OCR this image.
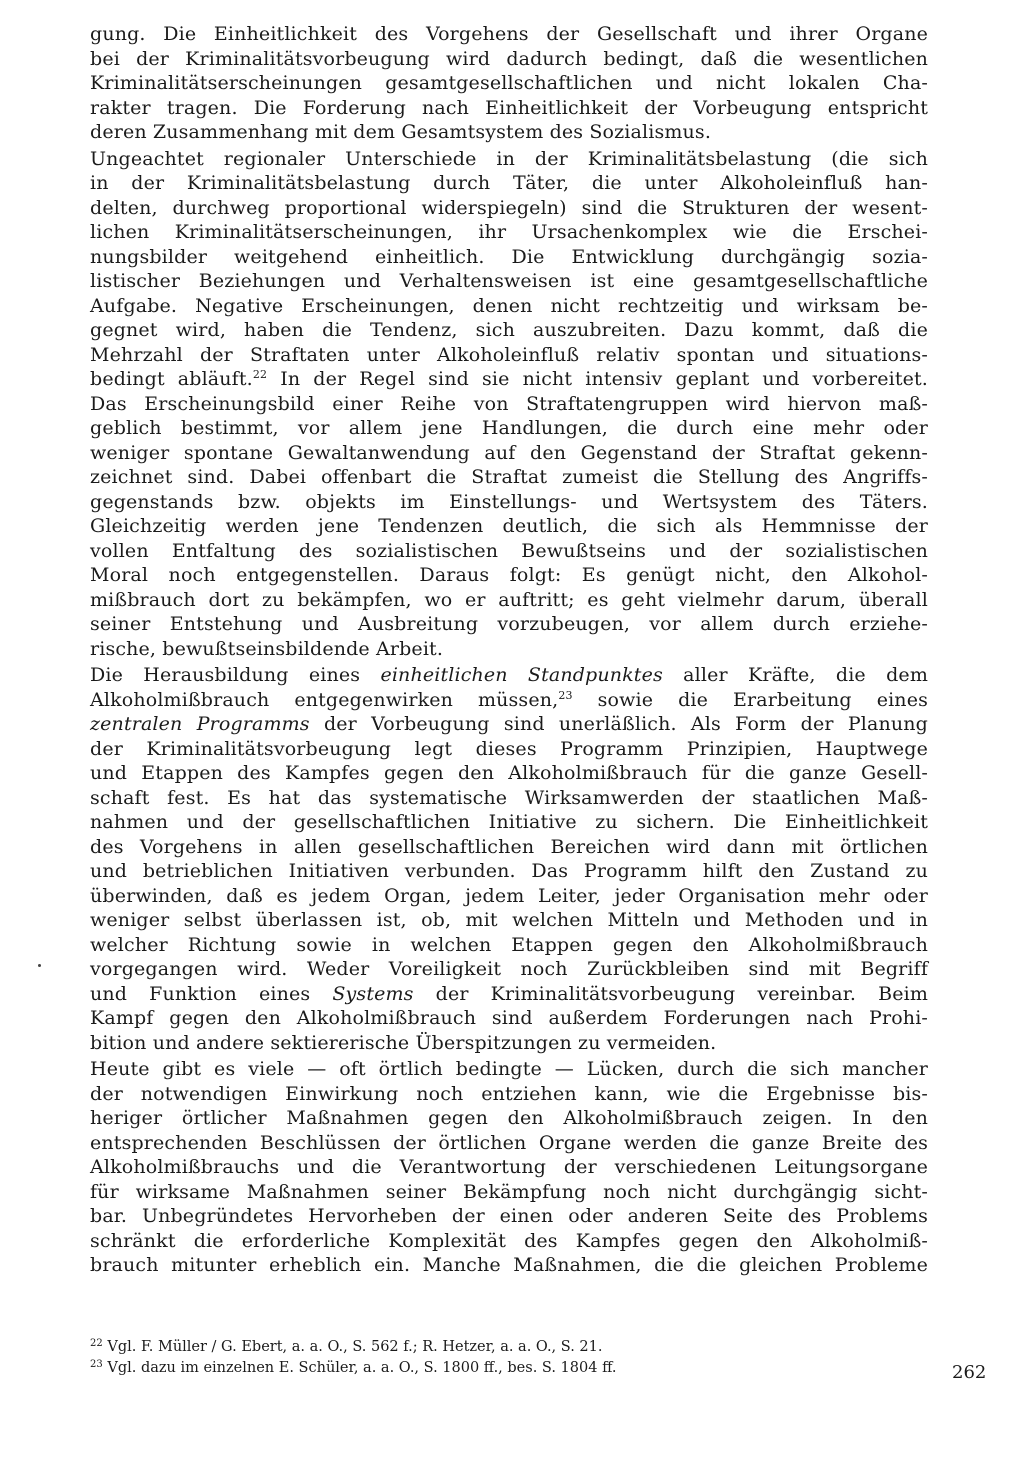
gung. Die Einheitlichkeit des Vorgehens der Gesellschaft und ihrer Organe
bei der Kriminalitätsvorbeugung wird dadurch bedingt, daß die wesentlichen
Kriminalitätserscheinungen gesamtgesellschaftlichen und nicht lokalen Cha-
rakter tragen. Die Forderung nach Einheitlichkeit der Vorbeugung entspricht
deren Zusammenhang mit dem Gesamtsystem des Sozialismus.

Ungeachtet regionaler Unterschiede in der Kriminalitätsbelastung (die sich
in der Kriminalitätsbelastung durch Täter, die unter Alkoholeinfluß han-
delten, durchweg proportional widerspiegeln) sind die Strukturen der wesent-
lichen Kriminalitätserscheinungen, ihr Ursachenkomplex wie die Erschei-
nungsbilder weitgehend einheitlich. Die Entwicklung durchgängig sozia-
listischer Beziehungen und Verhaltensweisen ist eine gesamtgesellschaftliche
Aufgabe. Negative Erscheinungen, denen nicht rechtzeitig und wirksam be-
gegnet wird, haben die Tendenz, sich auszubreiten. Dazu kommt, daß die
Mehrzahl der Straftaten unter Alkoholeinfluß relativ spontan und situations-
bedingt abläuft.$^{22}$ In der Regel sind sie nicht intensiv geplant und vorbereitet.
Das Erscheinungsbild einer Reihe von Straftatengruppen wird hiervon maß-
geblich bestimmt, vor allem jene Handlungen, die durch eine mehr oder
weniger spontane Gewaltanwendung auf den Gegenstand der Straftat gekenn-
zeichnet sind. Dabei offenbart die Straftat zumeist die Stellung des Angriffs-
gegenstands bzw. objekts im Einstellungs- und Wertsystem des Täters.
Gleichzeitig werden jene Tendenzen deutlich, die sich als Hemmnisse der
vollen Entfaltung des sozialistischen Bewußtseins und der sozialistischen
Moral noch entgegenstellen. Daraus folgt: Es genügt nicht, den Alkohol-
mißbrauch dort zu bekämpfen, wo er auftritt; es geht vielmehr darum, überall
seiner Entstehung und Ausbreitung vorzubeugen, vor allem durch erziehe-
rische, bewußtseinsbildende Arbeit.

Die Herausbildung eines einheitlichen Standpunktes aller Kräfte, die dem
Alkoholmißbrauch entgegenwirken müssen,$^{23}$ sowie die Erarbeitung eines
zentralen Programms der Vorbeugung sind unerläßlich. Als Form der Planung
der Kriminalitätsvorbeugung legt dieses Programm Prinzipien, Hauptwege
und Etappen des Kampfes gegen den Alkoholmißbrauch für die ganze Gesell-
schaft fest. Es hat das systematische Wirksamwerden der staatlichen Maß-
nahmen und der gesellschaftlichen Initiative zu sichern. Die Einheitlichkeit
des Vorgehens in allen gesellschaftlichen Bereichen wird dann mit örtlichen
und betrieblichen Initiativen verbunden. Das Programm hilft den Zustand zu
überwinden, daß es jedem Organ, jedem Leiter, jeder Organisation mehr oder
weniger selbst überlassen ist, ob, mit welchen Mitteln und Methoden und in
welcher Richtung sowie in welchen Etappen gegen den Alkoholmißbrauch
vorgegangen wird. Weder Voreiligkeit noch Zurückbleiben sind mit Begriff
und Funktion eines Systems der Kriminalitätsvorbeugung vereinbar. Beim
Kampf gegen den Alkoholmißbrauch sind außerdem Forderungen nach Prohi-
bition und andere sektiererische Überspitzungen zu vermeiden.

Heute gibt es viele — oft örtlich bedingte — Lücken, durch die sich mancher
der notwendigen Einwirkung noch entziehen kann, wie die Ergebnisse bis-
heriger örtlicher Maßnahmen gegen den Alkoholmißbrauch zeigen. In den
entsprechenden Beschlüssen der örtlichen Organe werden die ganze Breite des
Alkoholmißbrauchs und die Verantwortung der verschiedenen Leitungsorgane
für wirksame Maßnahmen seiner Bekämpfung noch nicht durchgängig sicht-
bar. Unbegründetes Hervorheben der einen oder anderen Seite des Problems
schränkt die erforderliche Komplexität des Kampfes gegen den Alkoholmiß-
brauch mitunter erheblich ein. Manche Maßnahmen, die die gleichen Probleme

$^{22}$ Vgl. F. Müller / G. Ebert, a. a. O., S. 562 f.; R. Hetzer, a. a. O., S. 21.
$^{23}$ Vgl. dazu im einzelnen E. Schüler, a. a. O., S. 1800 ff., bes. S. 1804 ff.	262
